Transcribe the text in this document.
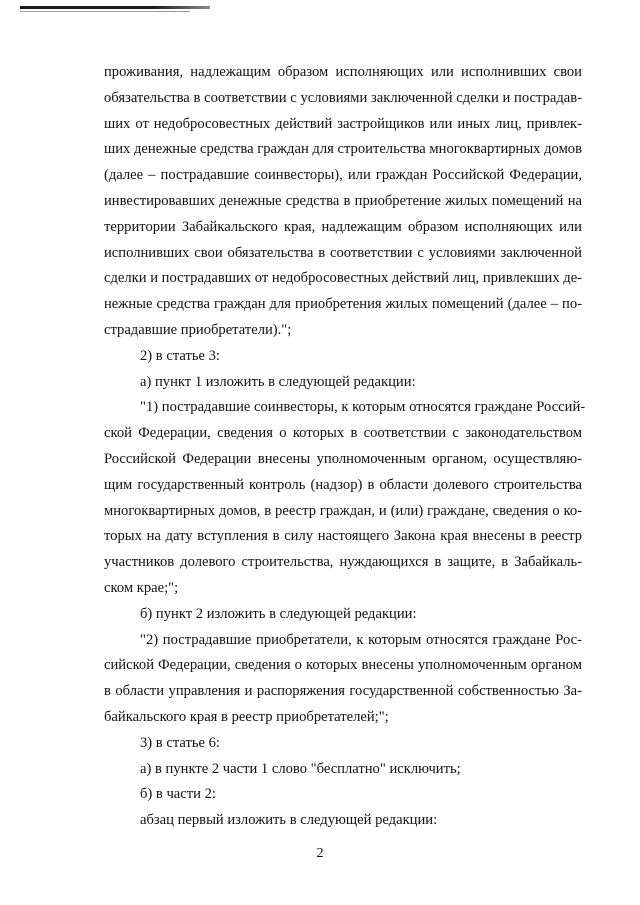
проживания, надлежащим образом исполняющих или исполнивших свои
обязательства в соответствии с условиями заключенной сделки и пострадав-
ших от недобросовестных действий застройщиков или иных лиц, привлек-
ших денежные средства граждан для строительства многоквартирных домов
(далее – пострадавшие соинвесторы), или граждан Российской Федерации,
инвестировавших денежные средства в приобретение жилых помещений на
территории Забайкальского края, надлежащим образом исполняющих или
исполнивших свои обязательства в соответствии с условиями заключенной
сделки и пострадавших от недобросовестных действий лиц, привлекших де-
нежные средства граждан для приобретения жилых помещений (далее – по-
страдавшие приобретатели).";
2) в статье 3:
а) пункт 1 изложить в следующей редакции:
"1) пострадавшие соинвесторы, к которым относятся граждане Россий-
ской Федерации, сведения о которых в соответствии с законодательством
Российской Федерации внесены уполномоченным органом, осуществляю-
щим государственный контроль (надзор) в области долевого строительства
многоквартирных домов, в реестр граждан, и (или) граждане, сведения о ко-
торых на дату вступления в силу настоящего Закона края внесены в реестр
участников долевого строительства, нуждающихся в защите, в Забайкаль-
ском крае;";
б) пункт 2 изложить в следующей редакции:
"2) пострадавшие приобретатели, к которым относятся граждане Рос-
сийской Федерации, сведения о которых внесены уполномоченным органом
в области управления и распоряжения государственной собственностью За-
байкальского края в реестр приобретателей;";
3) в статье 6:
а) в пункте 2 части 1 слово "бесплатно" исключить;
б) в части 2:
абзац первый изложить в следующей редакции:
2
